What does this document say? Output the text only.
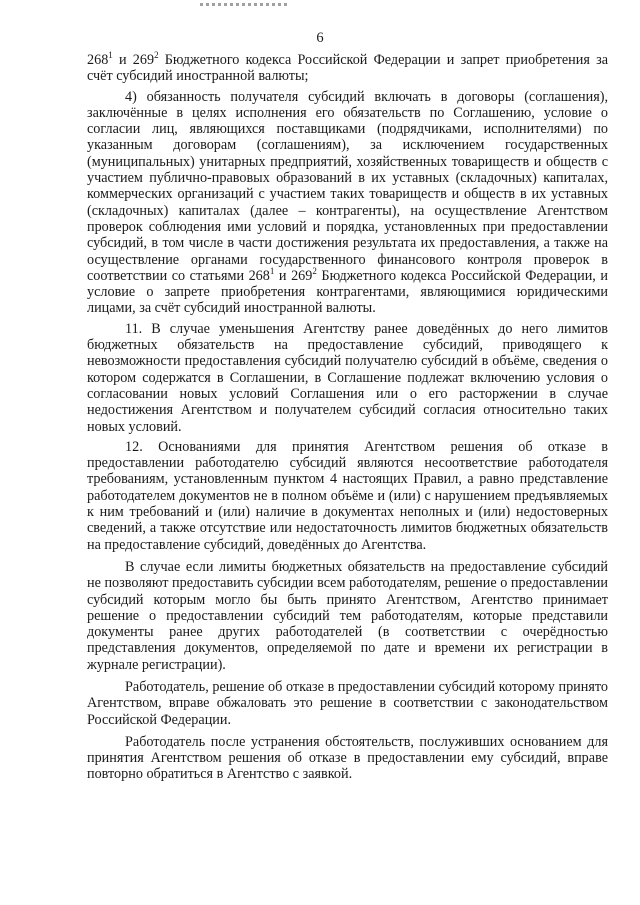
6

$268^1$ и $269^2$ Бюджетного кодекса Российской Федерации и запрет приобретения за счёт субсидий иностранной валюты;

4) обязанность получателя субсидий включать в договоры (соглашения), заключённые в целях исполнения его обязательств по Соглашению, условие о согласии лиц, являющихся поставщиками (подрядчиками, исполнителями) по указанным договорам (соглашениям), за исключением государственных (муниципальных) унитарных предприятий, хозяйственных товариществ и обществ с участием публично-правовых образований в их уставных (складочных) капиталах, коммерческих организаций с участием таких товариществ и обществ в их уставных (складочных) капиталах (далее – контрагенты), на осуществление Агентством проверок соблюдения ими условий и порядка, установленных при предоставлении субсидий, в том числе в части достижения результата их предоставления, а также на осуществление органами государственного финансового контроля проверок в соответствии со статьями $268^1$ и $269^2$ Бюджетного кодекса Российской Федерации, и условие о запрете приобретения контрагентами, являющимися юридическими лицами, за счёт субсидий иностранной валюты.

11. В случае уменьшения Агентству ранее доведённых до него лимитов бюджетных обязательств на предоставление субсидий, приводящего к невозможности предоставления субсидий получателю субсидий в объёме, сведения о котором содержатся в Соглашении, в Соглашение подлежат включению условия о согласовании новых условий Соглашения или о его расторжении в случае недостижения Агентством и получателем субсидий согласия относительно таких новых условий.

12. Основаниями для принятия Агентством решения об отказе в предоставлении работодателю субсидий являются несоответствие работодателя требованиям, установленным пунктом 4 настоящих Правил, а равно представление работодателем документов не в полном объёме и (или) с нарушением предъявляемых к ним требований и (или) наличие в документах неполных и (или) недостоверных сведений, а также отсутствие или недостаточность лимитов бюджетных обязательств на предоставление субсидий, доведённых до Агентства.

В случае если лимиты бюджетных обязательств на предоставление субсидий не позволяют предоставить субсидии всем работодателям, решение о предоставлении субсидий которым могло бы быть принято Агентством, Агентство принимает решение о предоставлении субсидий тем работодателям, которые представили документы ранее других работодателей (в соответствии с очерёдностью представления документов, определяемой по дате и времени их регистрации в журнале регистрации).

Работодатель, решение об отказе в предоставлении субсидий которому принято Агентством, вправе обжаловать это решение в соответствии с законодательством Российской Федерации.

Работодатель после устранения обстоятельств, послуживших основанием для принятия Агентством решения об отказе в предоставлении ему субсидий, вправе повторно обратиться в Агентство с заявкой.
